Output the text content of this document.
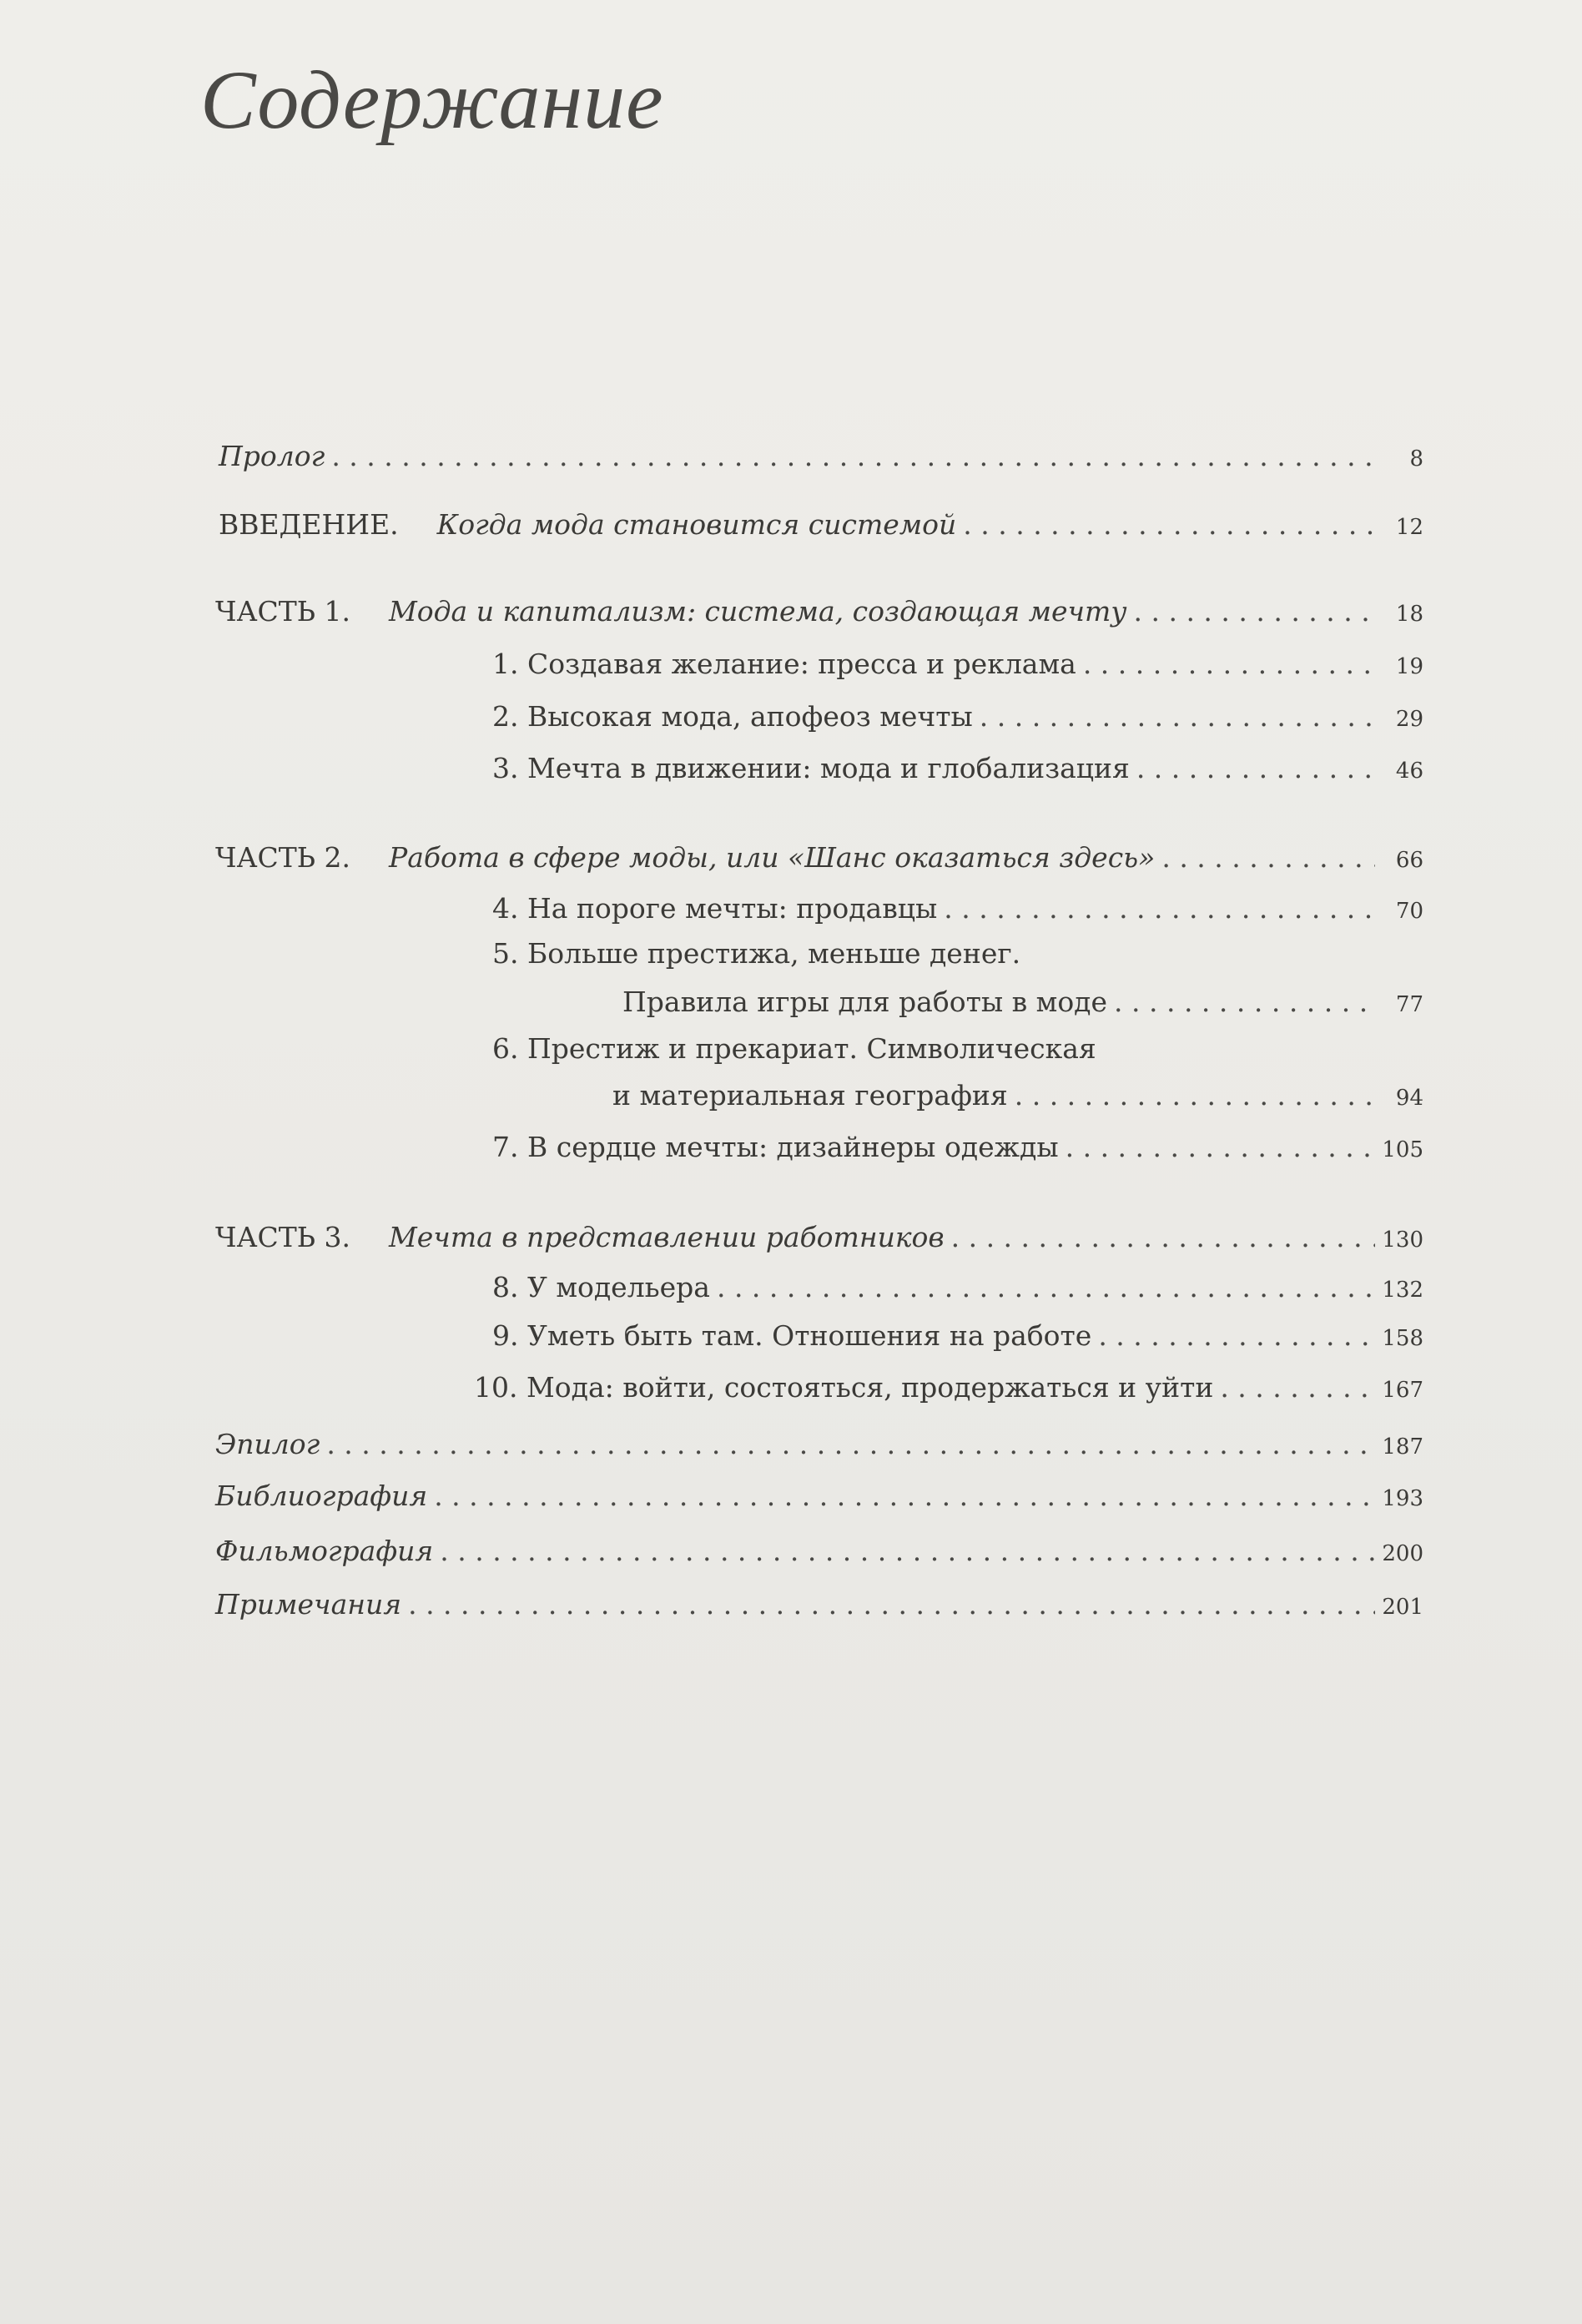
Содержание
Пролог . . .	8
ВВЕДЕНИЕ. Когда мода становится системой . . .	12
ЧАСТЬ 1. Мода и капитализм: система, создающая мечту . . .	18
1. Создавая желание: пресса и реклама . . .	19
2. Высокая мода, апофеоз мечты . . .	29
3. Мечта в движении: мода и глобализация . . .	46
ЧАСТЬ 2. Работа в сфере моды, или «Шанс оказаться здесь» . . .	66
4. На пороге мечты: продавцы . . .	70
5. Больше престижа, меньше денег.
Правила игры для работы в моде . . .	77
6. Престиж и прекариат. Символическая
и материальная география . . .	94
7. В сердце мечты: дизайнеры одежды . . .	105
ЧАСТЬ 3. Мечта в представлении работников . . .	130
8. У модельера . . .	132
9. Уметь быть там. Отношения на работе . . .	158
10. Мода: войти, состояться, продержаться и уйти . . .	167
Эпилог . . .	187
Библиография . . .	193
Фильмография . . .	200
Примечания . . .	201
